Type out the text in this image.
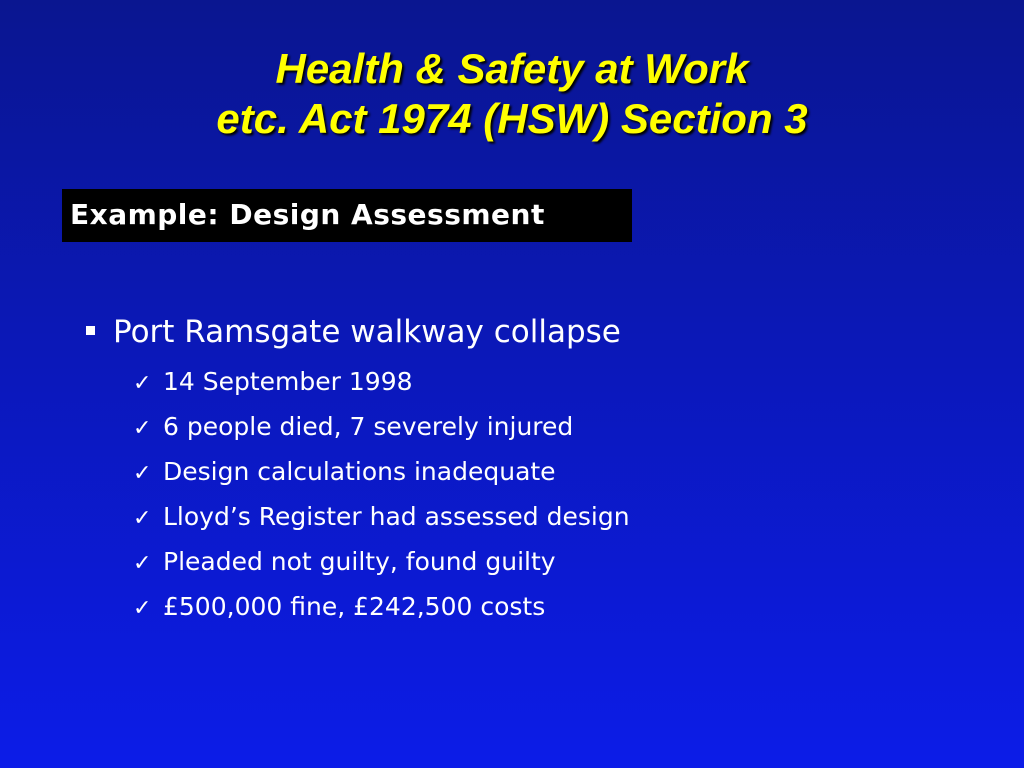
Health & Safety at Work
etc. Act 1974 (HSW) Section 3
Example: Design Assessment
Port Ramsgate walkway collapse
✓ 14 September 1998
✓ 6 people died, 7 severely injured
✓ Design calculations inadequate
✓ Lloyd’s Register had assessed design
✓ Pleaded not guilty, found guilty
✓ £500,000 fine, £242,500 costs
